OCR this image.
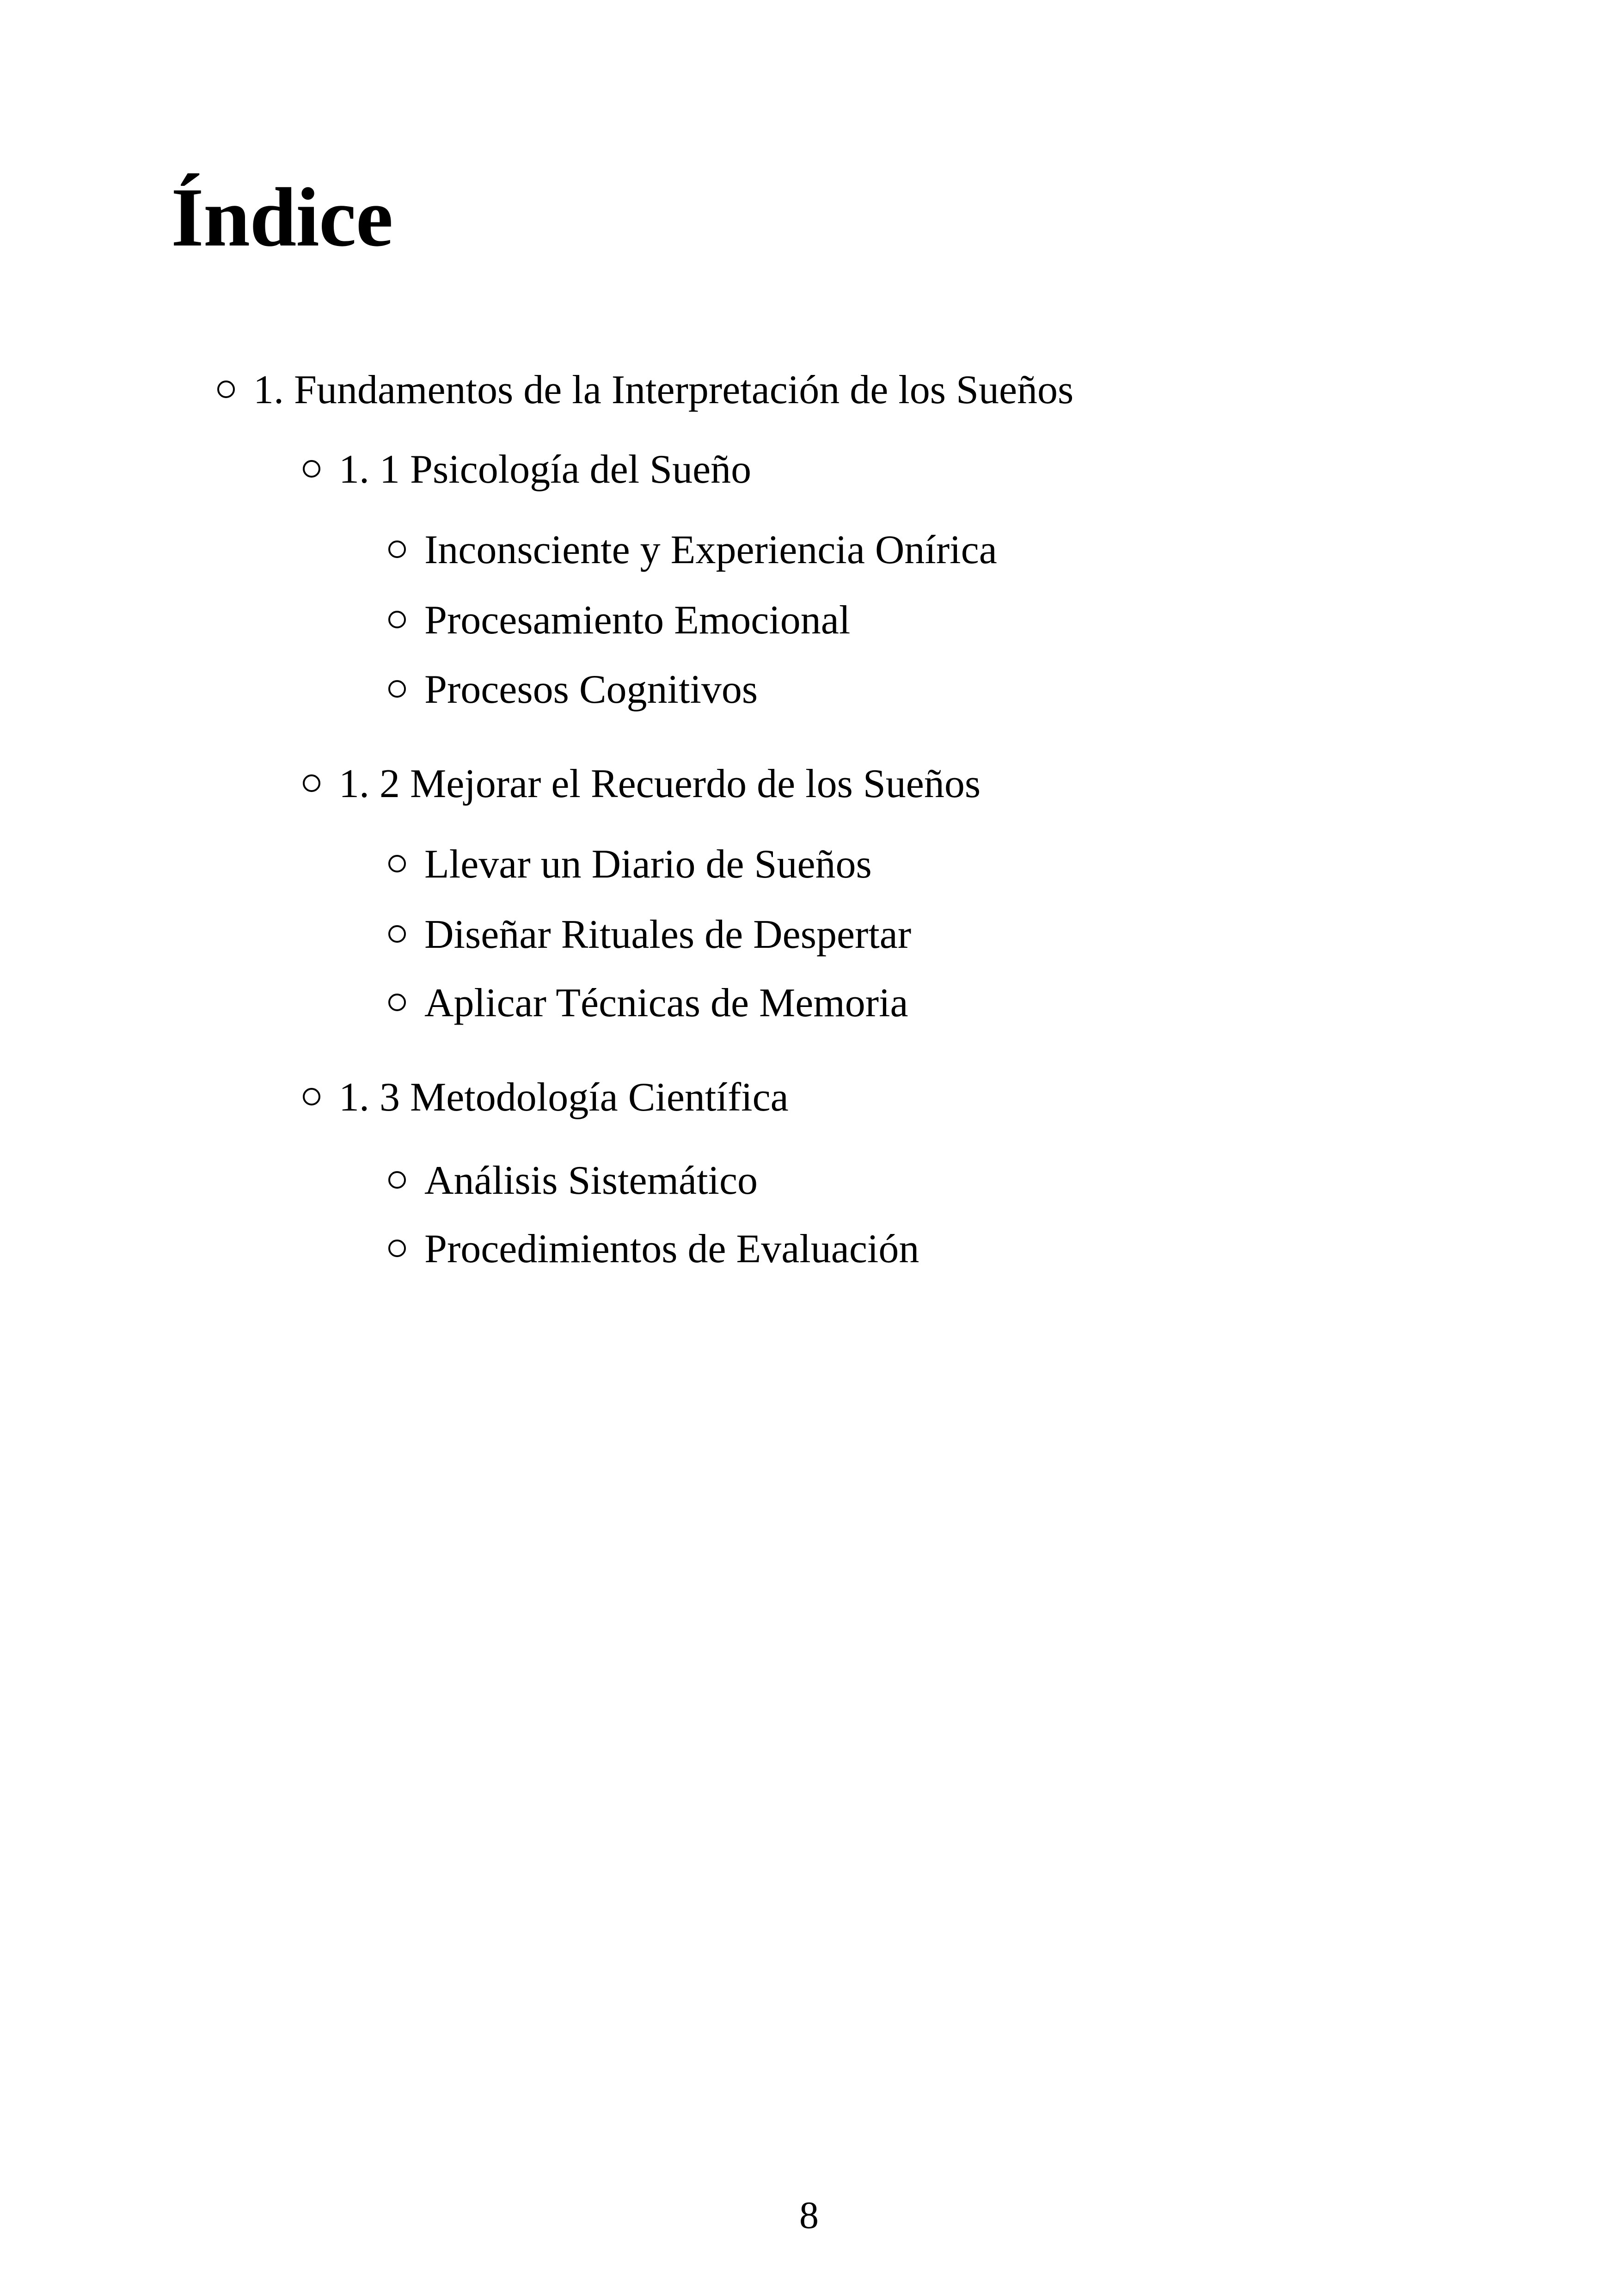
Índice
1. Fundamentos de la Interpretación de los Sueños
1. 1 Psicología del Sueño
Inconsciente y Experiencia Onírica
Procesamiento Emocional
Procesos Cognitivos
1. 2 Mejorar el Recuerdo de los Sueños
Llevar un Diario de Sueños
Diseñar Rituales de Despertar
Aplicar Técnicas de Memoria
1. 3 Metodología Científica
Análisis Sistemático
Procedimientos de Evaluación
8
